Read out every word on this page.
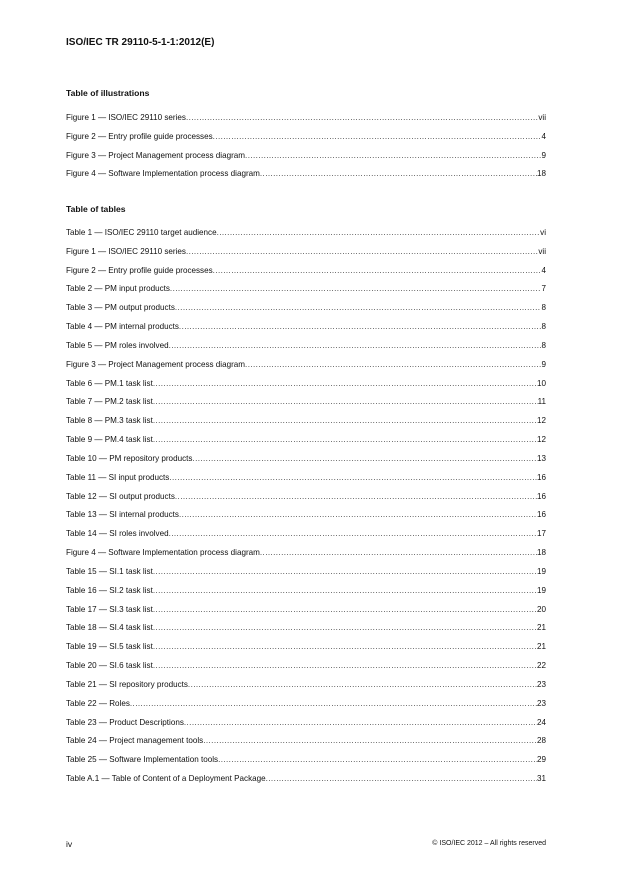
ISO/IEC TR 29110-5-1-1:2012(E)
Table of illustrations
Figure 1 — ISO/IEC 29110 series .....	vii
Figure 2 — Entry profile guide processes .....	4
Figure 3 — Project Management process diagram .....	9
Figure 4 — Software Implementation process diagram .....	18
Table of tables
Table 1 — ISO/IEC 29110 target audience .....	vi
Figure 1 — ISO/IEC 29110 series .....	vii
Figure 2 — Entry profile guide processes .....	4
Table 2 — PM input products .....	7
Table 3 — PM output products .....	8
Table 4 — PM internal products .....	8
Table 5 — PM roles involved .....	8
Figure 3 — Project Management process diagram .....	9
Table 6 — PM.1 task list .....	10
Table 7 — PM.2 task list .....	11
Table 8 — PM.3 task list .....	12
Table 9 — PM.4 task list .....	12
Table 10 — PM repository products .....	13
Table 11 — SI input products .....	16
Table 12 — SI output products .....	16
Table 13 — SI internal products .....	16
Table 14 — SI roles involved .....	17
Figure 4 — Software Implementation process diagram .....	18
Table 15 — SI.1 task list .....	19
Table 16 — SI.2 task list .....	19
Table 17 — SI.3 task list .....	20
Table 18 — SI.4 task list .....	21
Table 19 — SI.5 task list .....	21
Table 20 — SI.6 task list .....	22
Table 21 — SI repository products .....	23
Table 22 — Roles .....	23
Table 23 — Product Descriptions .....	24
Table 24 — Project management tools .....	28
Table 25 — Software Implementation tools .....	29
Table A.1 — Table of Content of a Deployment Package .....	31
iv	© ISO/IEC 2012 – All rights reserved
